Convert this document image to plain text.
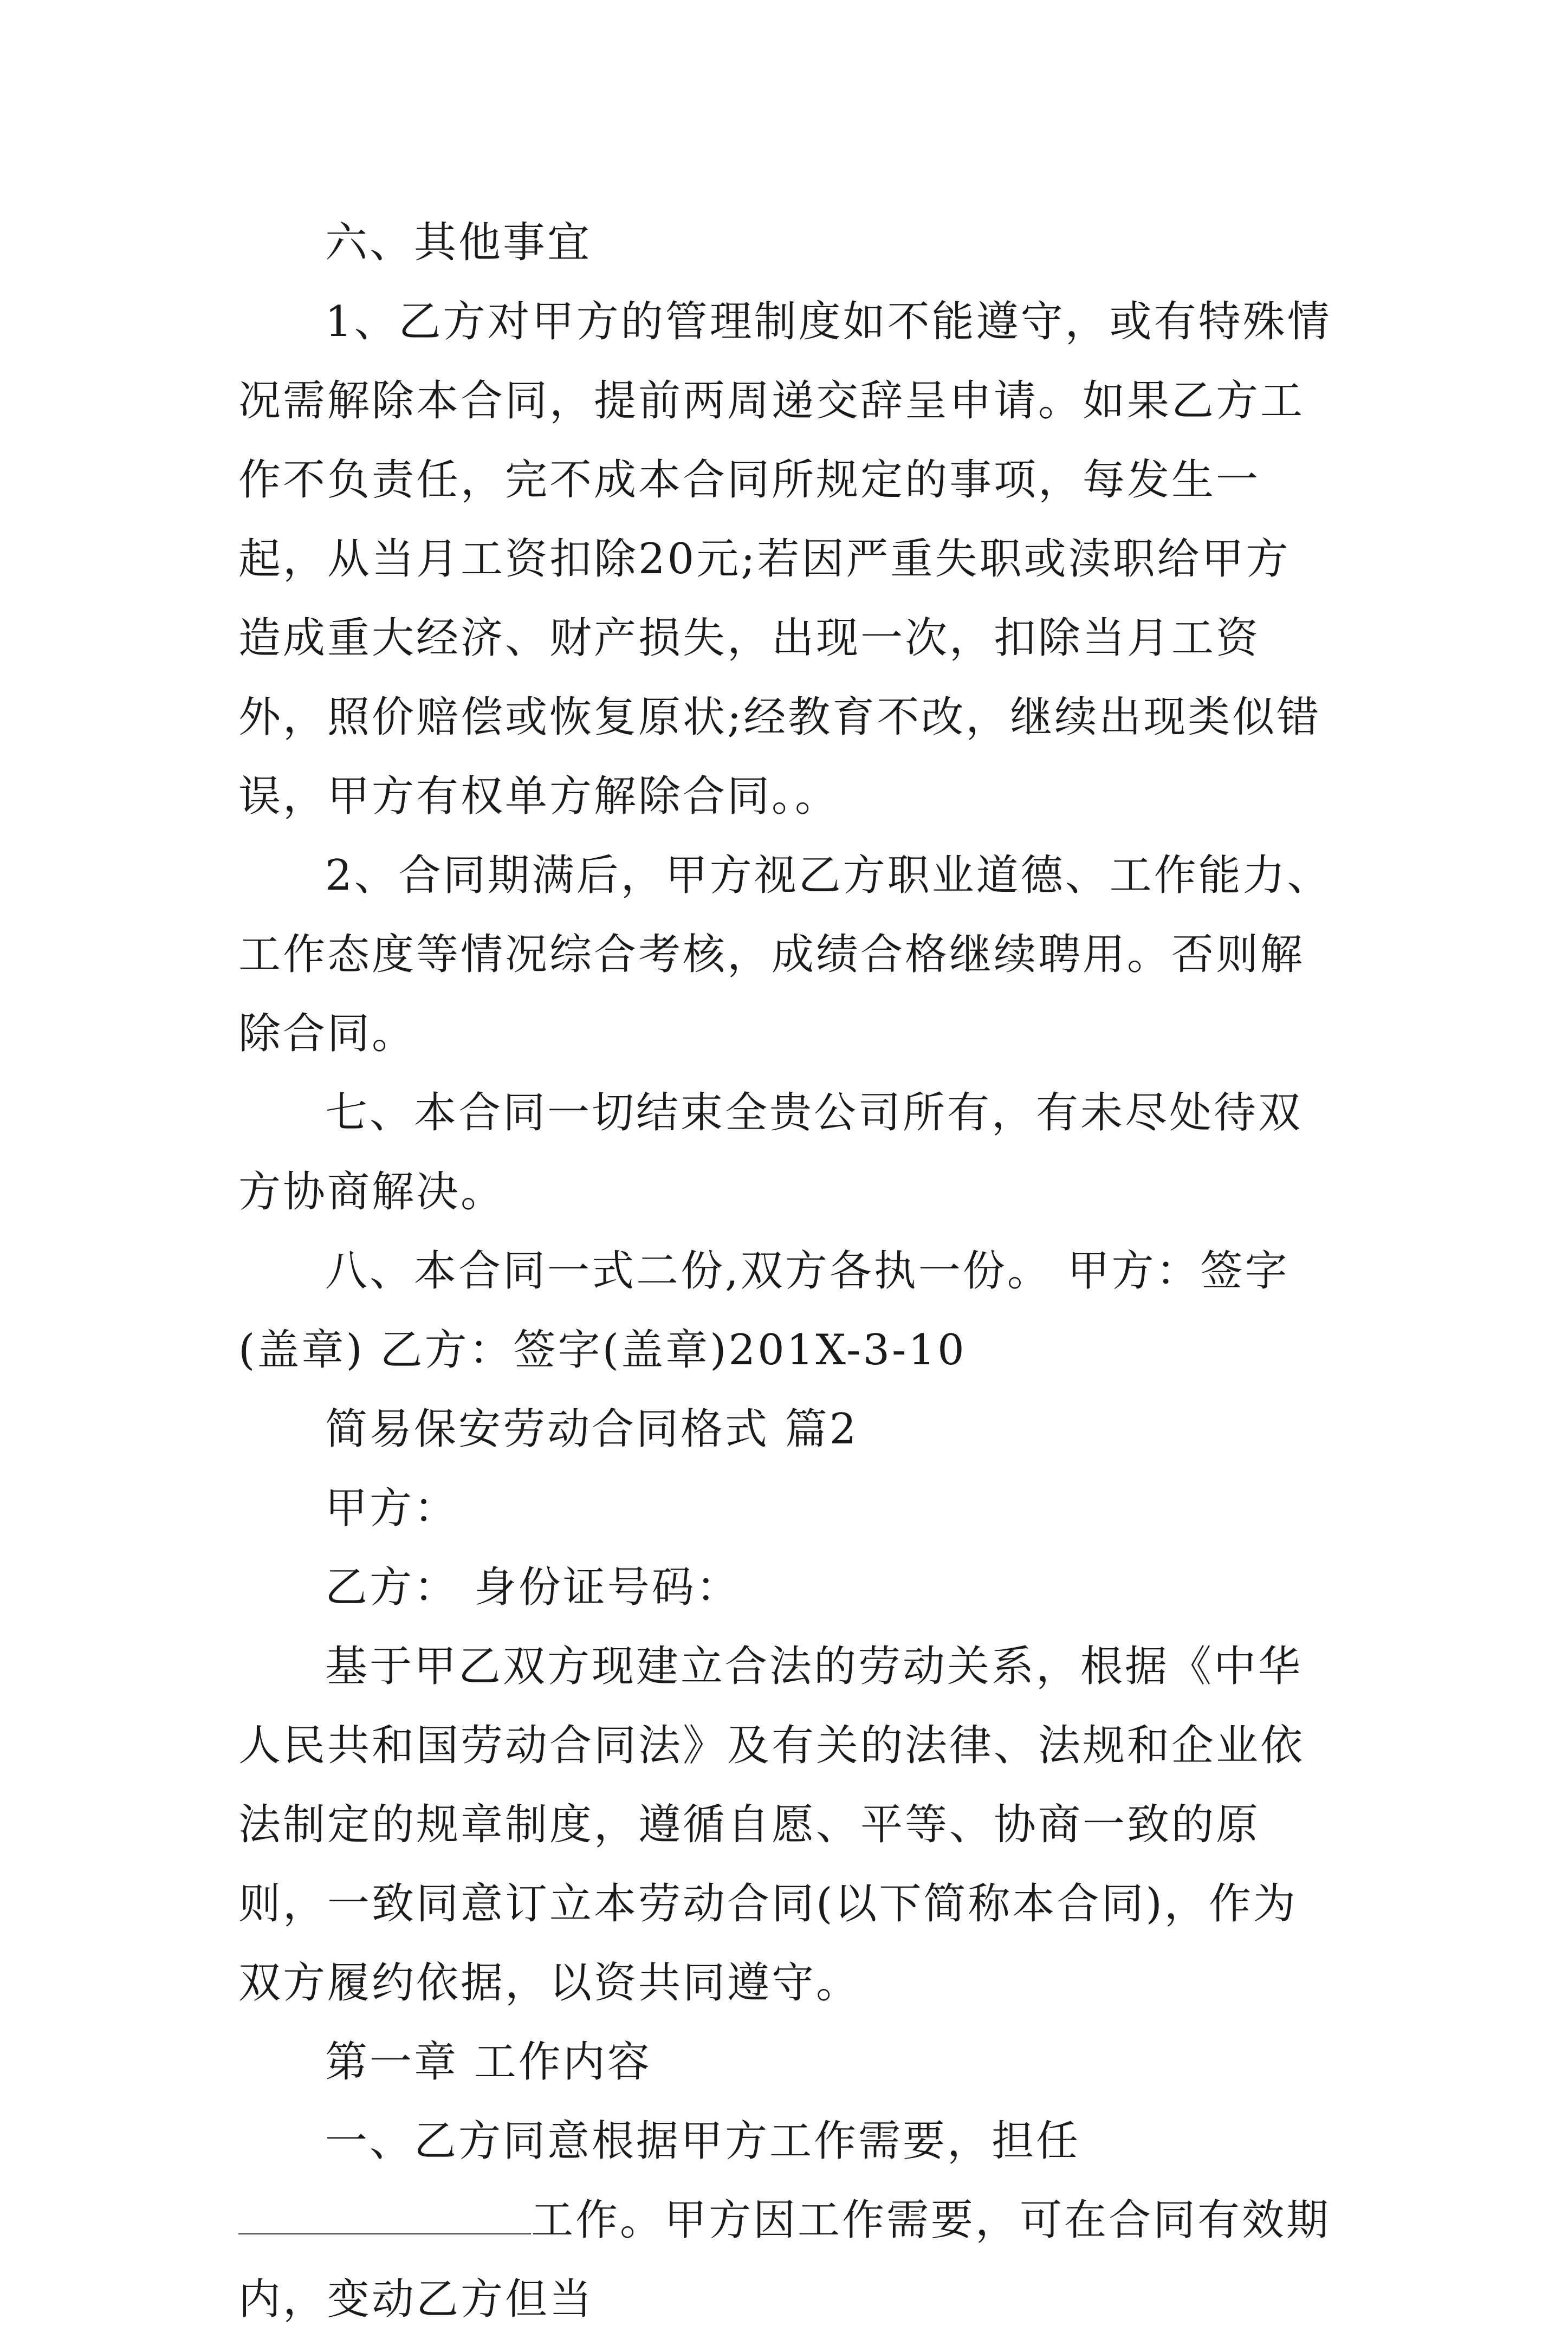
六、其他事宜

1、乙方对甲方的管理制度如不能遵守，或有特殊情况需解除本合同，提前两周递交辞呈申请。如果乙方工作不负责任，完不成本合同所规定的事项，每发生一起，从当月工资扣除20元;若因严重失职或渎职给甲方造成重大经济、财产损失，出现一次，扣除当月工资外，照价赔偿或恢复原状;经教育不改，继续出现类似错误，甲方有权单方解除合同。。

2、合同期满后，甲方视乙方职业道德、工作能力、工作态度等情况综合考核，成绩合格继续聘用。否则解除合同。

七、本合同一切结束全贵公司所有，有未尽处待双方协商解决。

八、本合同一式二份,双方各执一份。 甲方：签字(盖章) 乙方：签字(盖章)201X-3-10

简易保安劳动合同格式 篇2

甲方：

乙方： 身份证号码：

基于甲乙双方现建立合法的劳动关系，根据《中华人民共和国劳动合同法》及有关的法律、法规和企业依法制定的规章制度，遵循自愿、平等、协商一致的原则，一致同意订立本劳动合同(以下简称本合同)，作为双方履约依据，以资共同遵守。

第一章 工作内容

一、乙方同意根据甲方工作需要，担任工作。甲方因工作需要，可在合同有效期内，变动乙方但当
